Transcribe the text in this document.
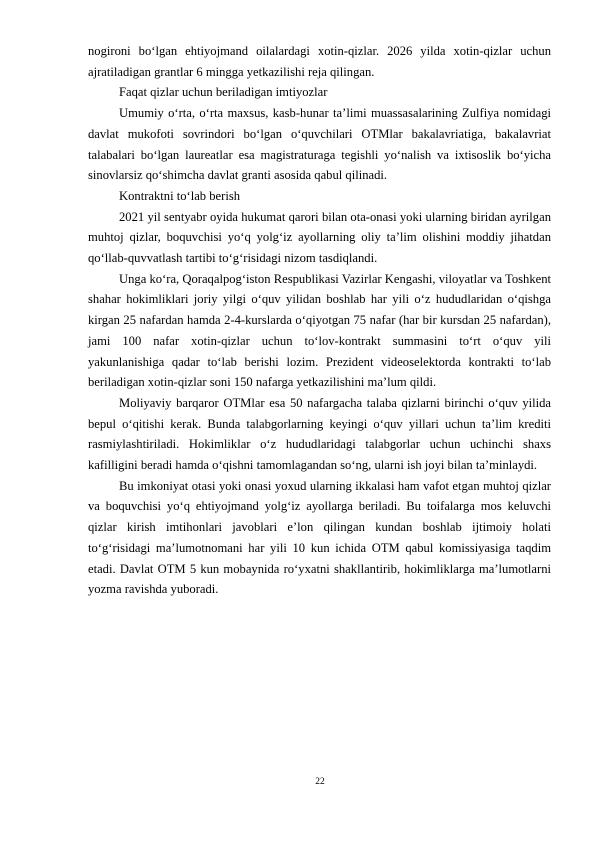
nogironi bo‘lgan ehtiyojmand oilalardagi xotin-qizlar. 2026 yilda xotin-qizlar uchun ajratiladigan grantlar 6 mingga yetkazilishi reja qilingan.

Faqat qizlar uchun beriladigan imtiyozlar

Umumiy o‘rta, o‘rta maxsus, kasb-hunar ta’limi muassasalarining Zulfiya nomidagi davlat mukofoti sovrindori bo‘lgan o‘quvchilari OTMlar bakalavriatiga, bakalavriat talabalari bo‘lgan laureatlar esa magistraturaga tegishli yo‘nalish va ixtisoslik bo‘yicha sinovlarsiz qo‘shimcha davlat granti asosida qabul qilinadi.

Kontraktni to‘lab berish

2021 yil sentyabr oyida hukumat qarori bilan ota-onasi yoki ularning biridan ayrilgan muhtoj qizlar, boquvchisi yo‘q yolg‘iz ayollarning oliy ta’lim olishini moddiy jihatdan qo‘llab-quvvatlash tartibi to‘g‘risidagi nizom tasdiqlandi.

Unga ko‘ra, Qoraqalpog‘iston Respublikasi Vazirlar Kengashi, viloyatlar va Toshkent shahar hokimliklari joriy yilgi o‘quv yilidan boshlab har yili o‘z hududlaridan o‘qishga kirgan 25 nafardan hamda 2-4-kurslarda o‘qiyotgan 75 nafar (har bir kursdan 25 nafardan), jami 100 nafar xotin-qizlar uchun to‘lov-kontrakt summasini to‘rt o‘quv yili yakunlanishiga qadar to‘lab berishi lozim. Prezident videoselektorda kontrakti to‘lab beriladigan xotin-qizlar soni 150 nafarga yetkazilishini ma’lum qildi.

Moliyaviy barqaror OTMlar esa 50 nafargacha talaba qizlarni birinchi o‘quv yilida bepul o‘qitishi kerak. Bunda talabgorlarning keyingi o‘quv yillari uchun ta’lim krediti rasmiylashtiriladi. Hokimliklar o‘z hududlaridagi talabgorlar uchun uchinchi shaxs kafilligini beradi hamda o‘qishni tamomlagandan so‘ng, ularni ish joyi bilan ta’minlaydi.

Bu imkoniyat otasi yoki onasi yoxud ularning ikkalasi ham vafot etgan muhtoj qizlar va boquvchisi yo‘q ehtiyojmand yolg‘iz ayollarga beriladi. Bu toifalarga mos keluvchi qizlar kirish imtihonlari javoblari e’lon qilingan kundan boshlab ijtimoiy holati to‘g‘risidagi ma’lumotnomani har yili 10 kun ichida OTM qabul komissiyasiga taqdim etadi. Davlat OTM 5 kun mobaynida ro‘yxatni shakllantirib, hokimliklarga ma’lumotlarni yozma ravishda yuboradi.

22
